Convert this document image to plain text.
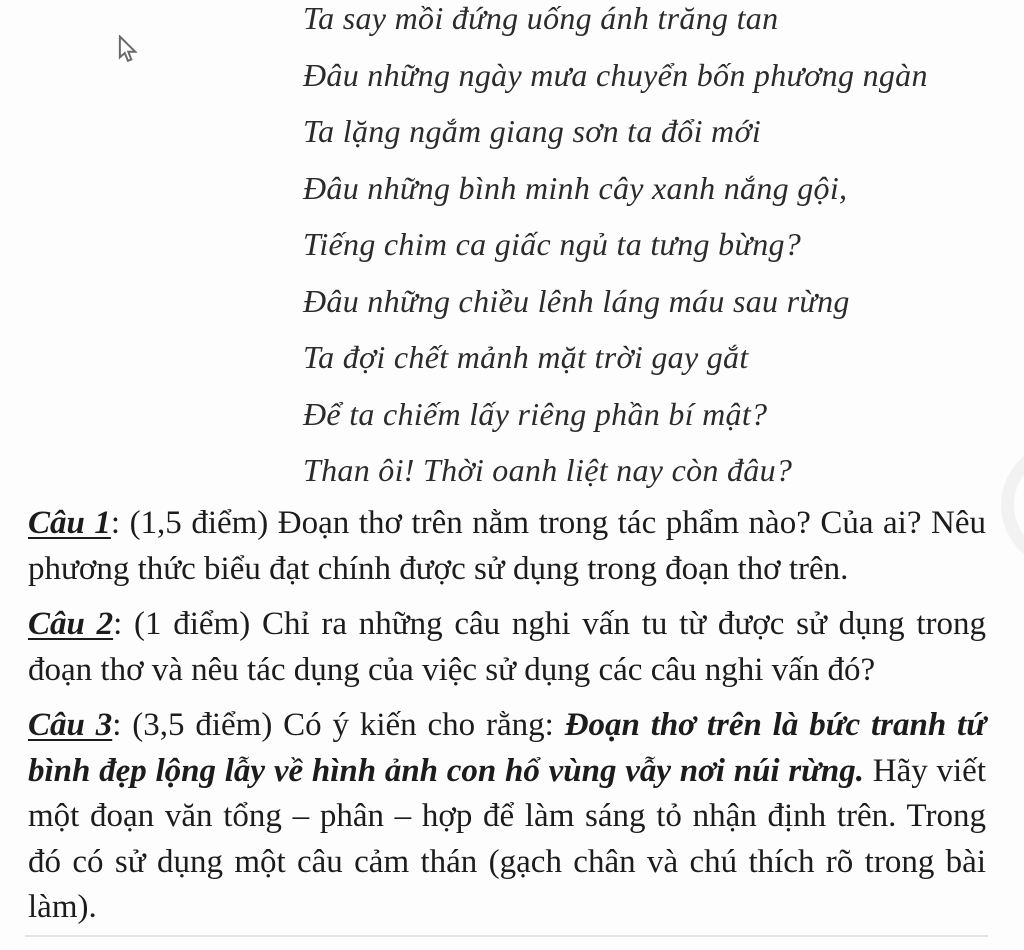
Ta say mồi đứng uống ánh trăng tan
Đâu những ngày mưa chuyển bốn phương ngàn
Ta lặng ngắm giang sơn ta đổi mới
Đâu những bình minh cây xanh nắng gội,
Tiếng chim ca giấc ngủ ta tưng bừng?
Đâu những chiều lênh láng máu sau rừng
Ta đợi chết mảnh mặt trời gay gắt
Để ta chiếm lấy riêng phần bí mật?
Than ôi! Thời oanh liệt nay còn đâu?

Câu 1: (1,5 điểm) Đoạn thơ trên nằm trong tác phẩm nào? Của ai? Nêu phương thức biểu đạt chính được sử dụng trong đoạn thơ trên.

Câu 2: (1 điểm) Chỉ ra những câu nghi vấn tu từ được sử dụng trong đoạn thơ và nêu tác dụng của việc sử dụng các câu nghi vấn đó?

Câu 3: (3,5 điểm) Có ý kiến cho rằng: Đoạn thơ trên là bức tranh tứ bình đẹp lộng lẫy về hình ảnh con hổ vùng vẫy nơi núi rừng. Hãy viết một đoạn văn tổng – phân – hợp để làm sáng tỏ nhận định trên. Trong đó có sử dụng một câu cảm thán (gạch chân và chú thích rõ trong bài làm).
